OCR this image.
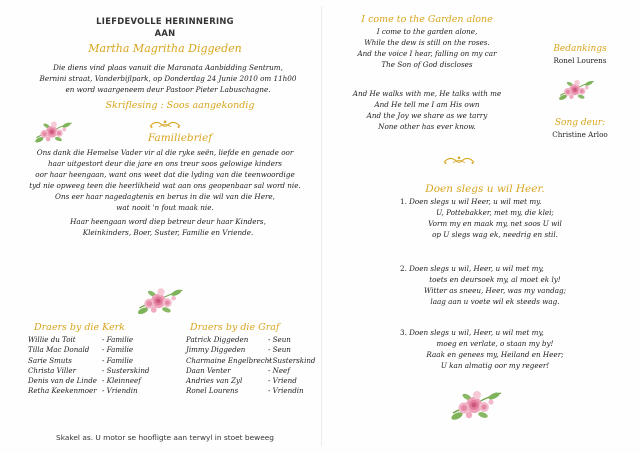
LIEFDEVOLLE HERINNERING
AAN
Martha Magritha Diggeden
Die diens vind plaas vanuit die Maranata Aanbidding Sentrum,
Bernini straat, Vanderbijlpark, op Donderdag 24 Junie 2010 om 11h00
en word waargeneem deur Pastoor Pieter Labuschagne.
Skriflesing : Soos aangekondig
Familiebrief
Ons dank die Hemelse Vader vir al die ryke seën, liefde en genade oor
haar uitgestort deur die jare en ons treur soos gelowige kinders
oor haar heengaan, want ons weet dat die lyding van die teenwoordige
tyd nie opweeg teen die heerlikheid wat aan ons geopenbaar sal word nie.
Ons eer haar nagedagtenis en berus in die wil van die Here,
wat nooit 'n fout maak nie.
Haar heengaan word diep betreur deur haar Kinders,
Kleinkinders, Boer, Suster, Familie en Vriende.
Draers by die Kerk
Willie du Toit	- Familie
Tilla Mac Donald	- Familie
Sarie Smuts	- Familie
Christa Viller	- Susterskind
Denis van de Linde - Kleinneef
Retha Keekenmoer - Vriendin
Draers by die Graf
Patrick Diggeden	- Seun
Jimmy Diggeden	- Seun
Charmaine Engelbrecht
- Susterskind
Daan Venter	- Neef
Andries van Zyl	- Vriend
Ronel Lourens	- Vriendin
Skakel as. U motor se hoofligte aan terwyl in stoet beweeg
I come to the Garden alone
I come to the garden alone,
While the dew is still on the roses.
And the voice I hear, falling on my car
The Son of God discloses
And He walks with me, He talks with me
And He tell me I am His own
And the Joy we share as we tarry
None other has ever know.
Bedankings
Ronel Lourens
Song deur:
Christine Arloo
Doen slegs u wil Heer.
1. Doen slegs u wil Heer, u wil met my.
U, Pottebakker, met my, die klei;
Vorm my en maak my, net soos U wil
op U slegs wag ek, needrig en stil.
2. Doen slegs u wil, Heer, u wil met my,
toets en deursoek my, al moet ek ly!
Witter as sneeu, Heer, was my vandag;
laag aan u voete wil ek steeds wag.
3. Doen slegs u wil, Heer, u wil met my,
moeg en verlate, o staan my by!
Raak en genees my, Heiland en Heer;
U kan almatig oor my regeer!
